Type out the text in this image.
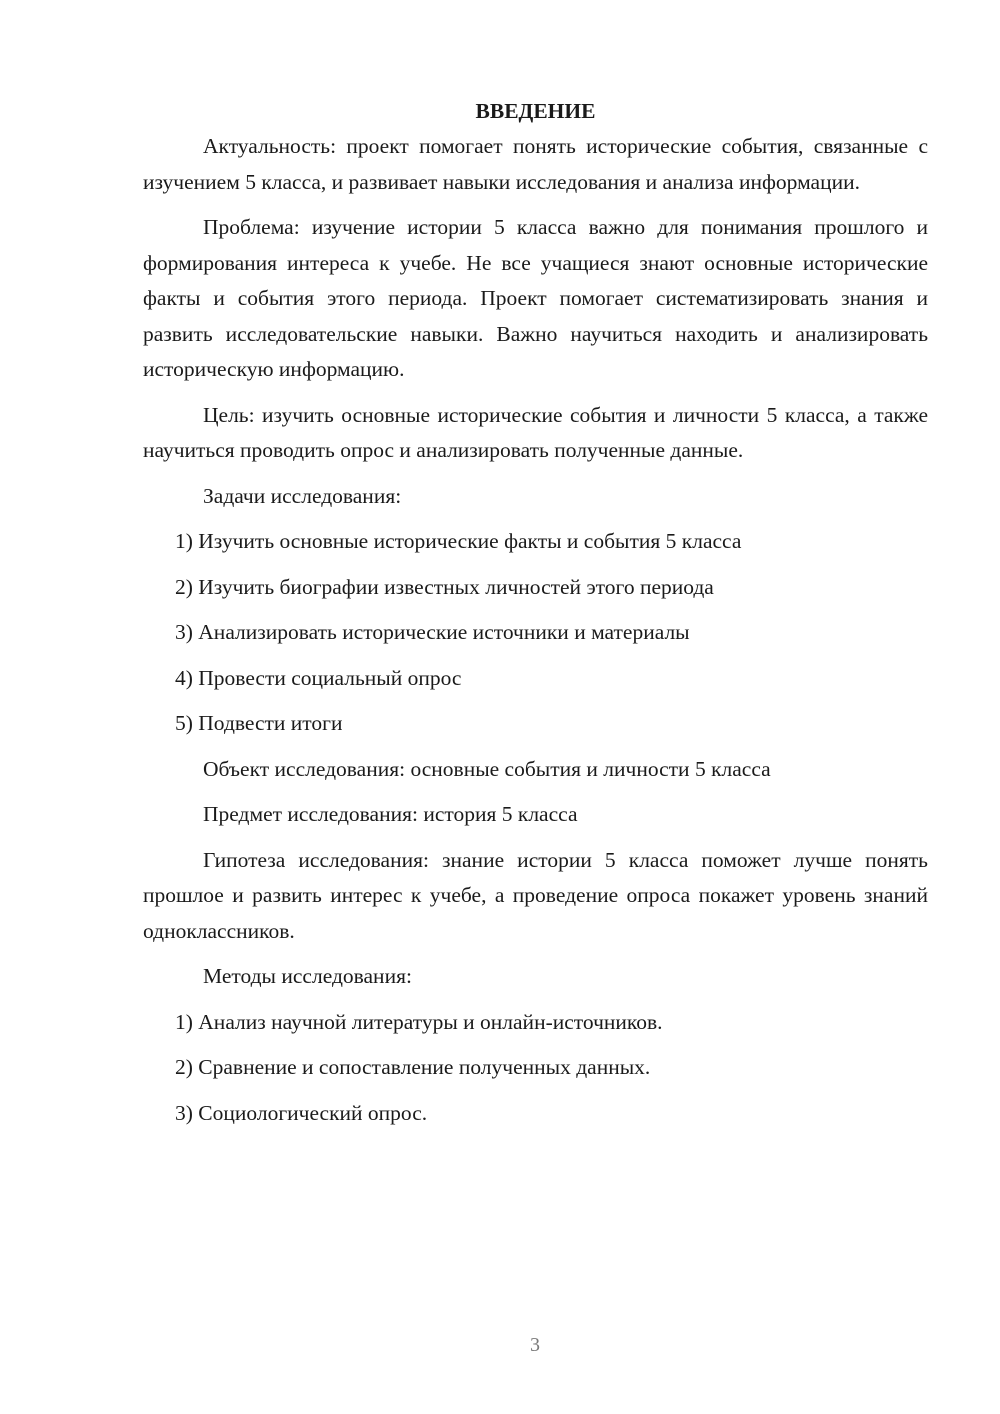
ВВЕДЕНИЕ

Актуальность: проект помогает понять исторические события, связанные с изучением 5 класса, и развивает навыки исследования и анализа информации.

Проблема: изучение истории 5 класса важно для понимания прошлого и формирования интереса к учебе. Не все учащиеся знают основные исторические факты и события этого периода. Проект помогает систематизировать знания и развить исследовательские навыки. Важно научиться находить и анализировать историческую информацию.

Цель: изучить основные исторические события и личности 5 класса, а также научиться проводить опрос и анализировать полученные данные.

Задачи исследования:

1) Изучить основные исторические факты и события 5 класса

2) Изучить биографии известных личностей этого периода

3) Анализировать исторические источники и материалы

4) Провести социальный опрос

5) Подвести итоги

Объект исследования: основные события и личности 5 класса

Предмет исследования: история 5 класса

Гипотеза исследования: знание истории 5 класса поможет лучше понять прошлое и развить интерес к учебе, а проведение опроса покажет уровень знаний одноклассников.

Методы исследования:

1) Анализ научной литературы и онлайн-источников.

2) Сравнение и сопоставление полученных данных.

3) Социологический опрос.

3
